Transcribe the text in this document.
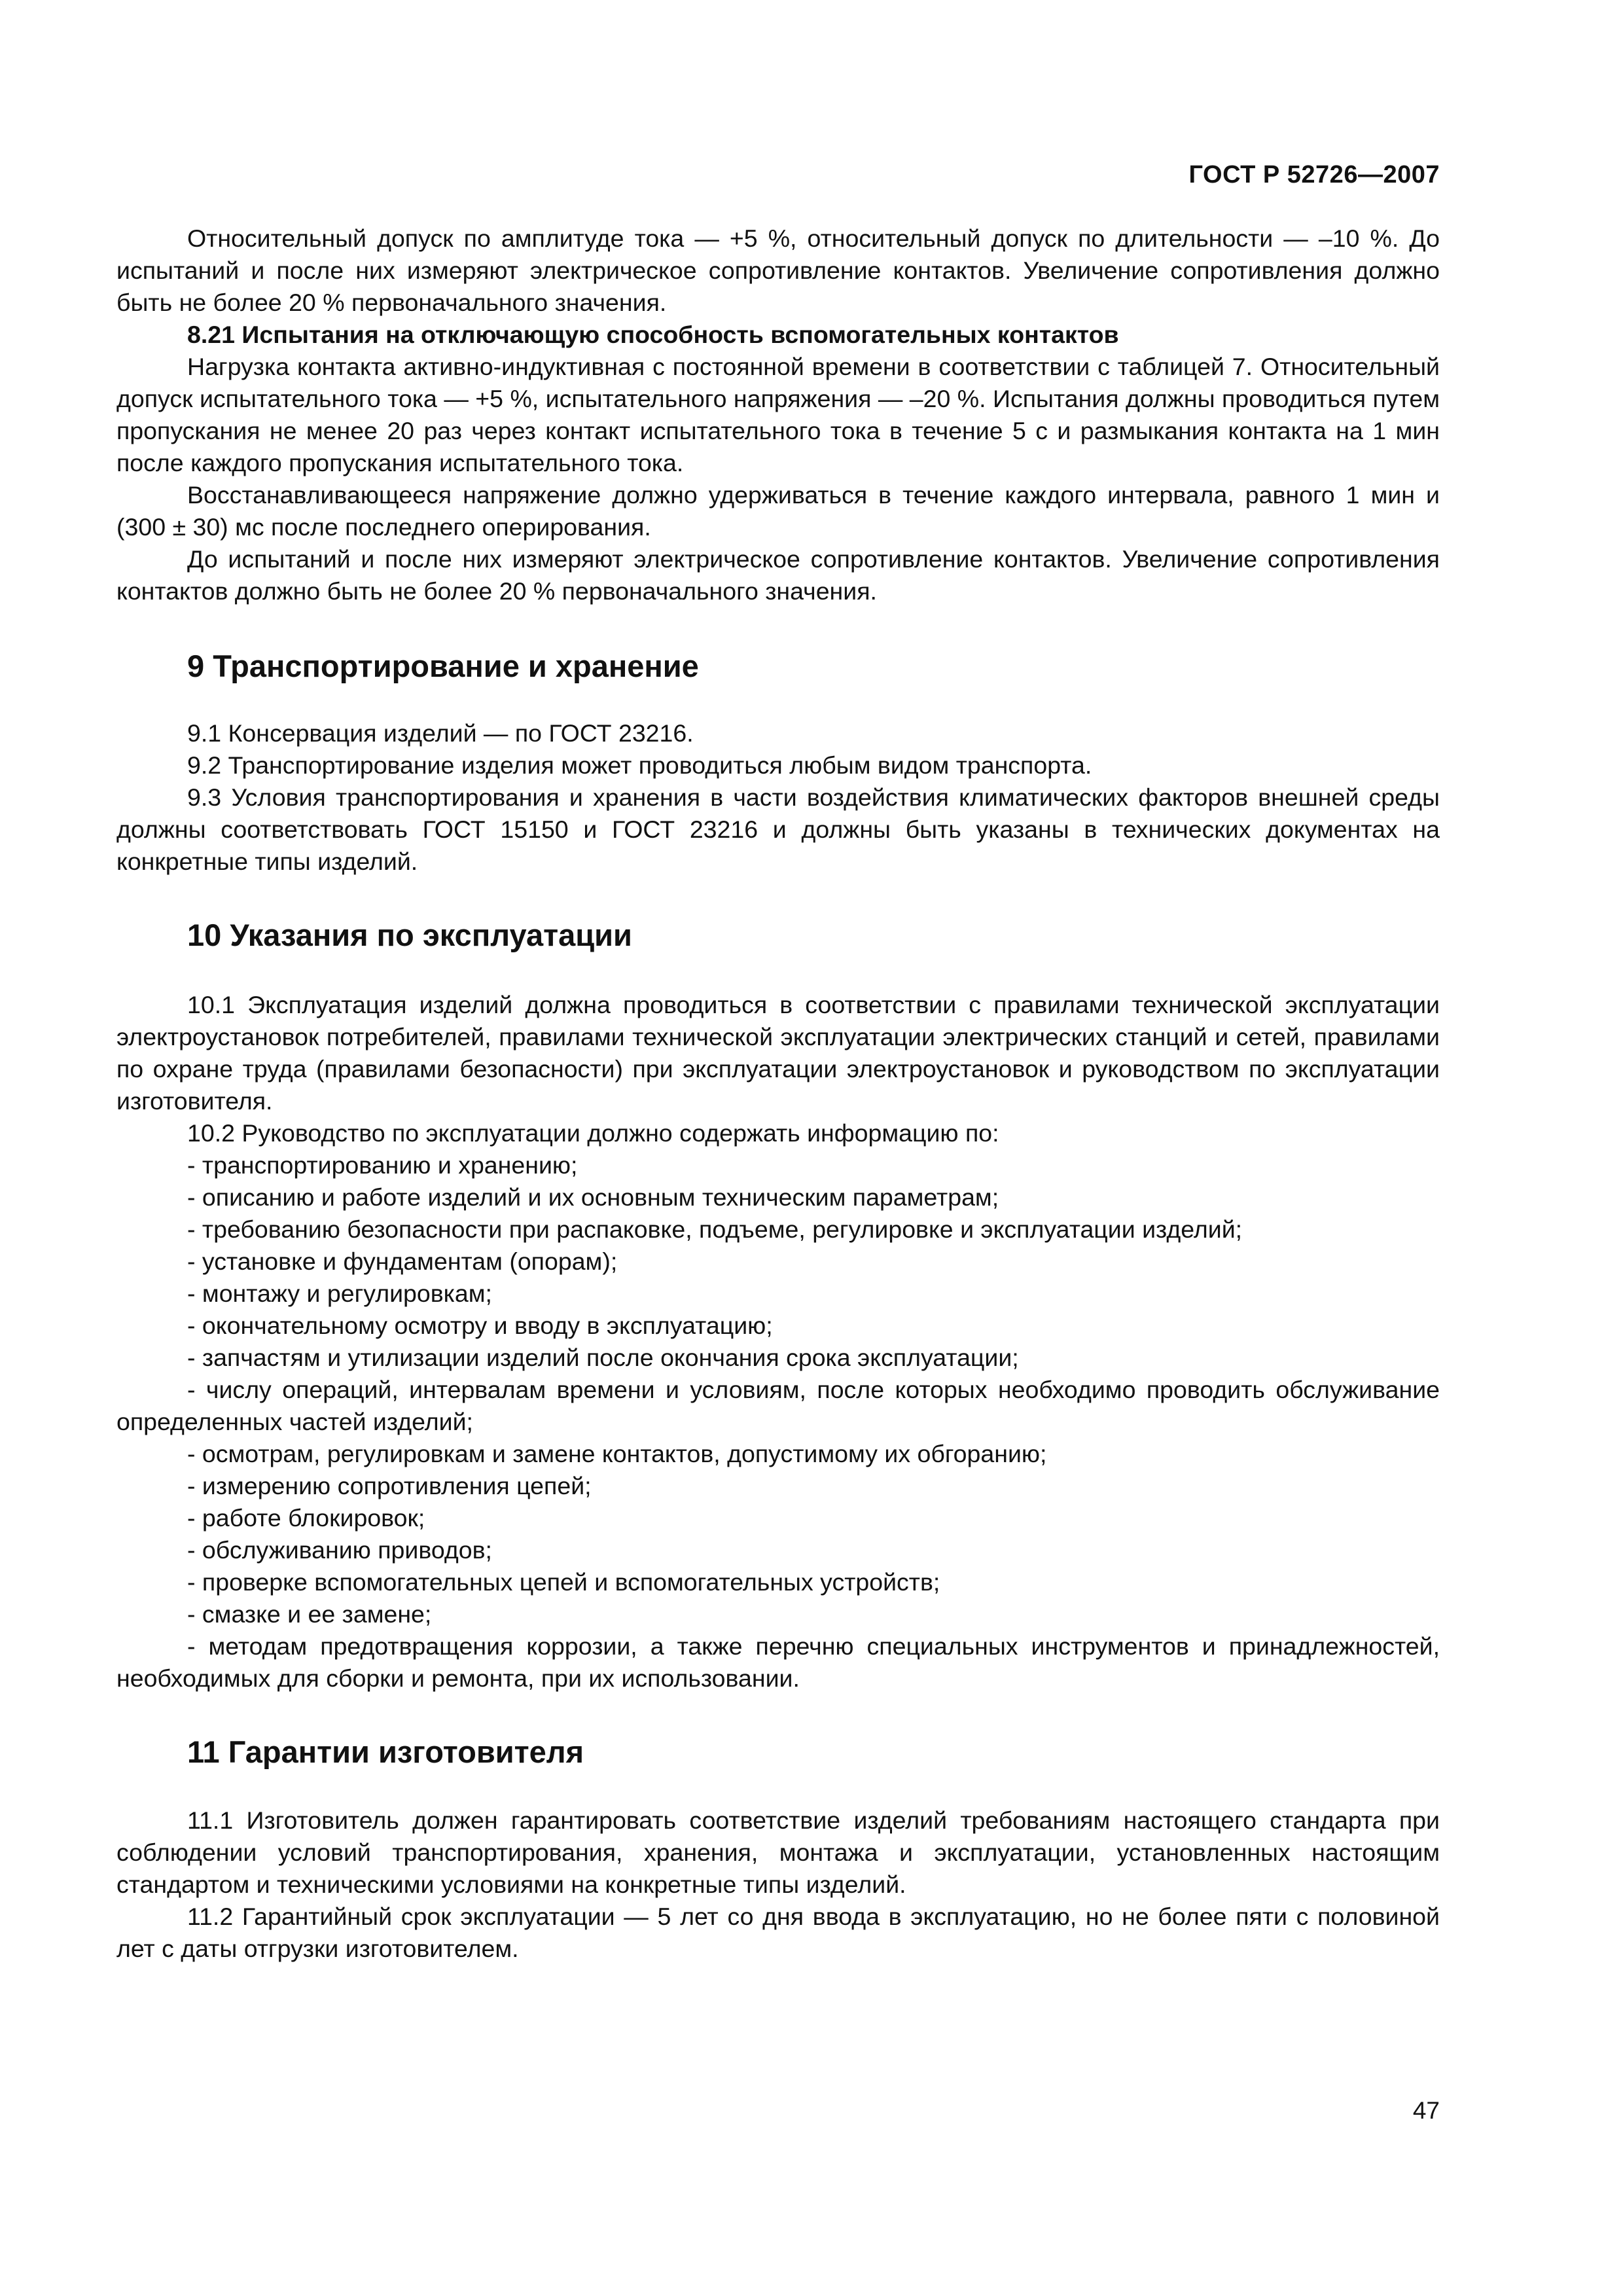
ГОСТ Р 52726—2007

Относительный допуск по амплитуде тока — +5 %, относительный допуск по длительности — –10 %. До испытаний и после них измеряют электрическое сопротивление контактов. Увеличение сопротивления должно быть не более 20 % первоначального значения.

8.21 Испытания на отключающую способность вспомогательных контактов

Нагрузка контакта активно-индуктивная с постоянной времени в соответствии с таблицей 7. Относительный допуск испытательного тока — +5 %, испытательного напряжения — –20 %. Испытания должны проводиться путем пропускания не менее 20 раз через контакт испытательного тока в течение 5 с и размыкания контакта на 1 мин после каждого пропускания испытательного тока.

Восстанавливающееся напряжение должно удерживаться в течение каждого интервала, равного 1 мин и (300 ± 30) мс после последнего оперирования.

До испытаний и после них измеряют электрическое сопротивление контактов. Увеличение сопротивления контактов должно быть не более 20 % первоначального значения.

9 Транспортирование и хранение

9.1 Консервация изделий — по ГОСТ 23216.

9.2 Транспортирование изделия может проводиться любым видом транспорта.

9.3 Условия транспортирования и хранения в части воздействия климатических факторов внешней среды должны соответствовать ГОСТ 15150 и ГОСТ 23216 и должны быть указаны в технических документах на конкретные типы изделий.

10 Указания по эксплуатации

10.1 Эксплуатация изделий должна проводиться в соответствии с правилами технической эксплуатации электроустановок потребителей, правилами технической эксплуатации электрических станций и сетей, правилами по охране труда (правилами безопасности) при эксплуатации электроустановок и руководством по эксплуатации изготовителя.

10.2 Руководство по эксплуатации должно содержать информацию по:

- транспортированию и хранению;
- описанию и работе изделий и их основным техническим параметрам;
- требованию безопасности при распаковке, подъеме, регулировке и эксплуатации изделий;
- установке и фундаментам (опорам);
- монтажу и регулировкам;
- окончательному осмотру и вводу в эксплуатацию;
- запчастям и утилизации изделий после окончания срока эксплуатации;
- числу операций, интервалам времени и условиям, после которых необходимо проводить обслуживание определенных частей изделий;
- осмотрам, регулировкам и замене контактов, допустимому их обгоранию;
- измерению сопротивления цепей;
- работе блокировок;
- обслуживанию приводов;
- проверке вспомогательных цепей и вспомогательных устройств;
- смазке и ее замене;
- методам предотвращения коррозии, а также перечню специальных инструментов и принадлежностей, необходимых для сборки и ремонта, при их использовании.
11 Гарантии изготовителя

11.1 Изготовитель должен гарантировать соответствие изделий требованиям настоящего стандарта при соблюдении условий транспортирования, хранения, монтажа и эксплуатации, установленных настоящим стандартом и техническими условиями на конкретные типы изделий.

11.2 Гарантийный срок эксплуатации — 5 лет со дня ввода в эксплуатацию, но не более пяти с половиной лет с даты отгрузки изготовителем.

47
